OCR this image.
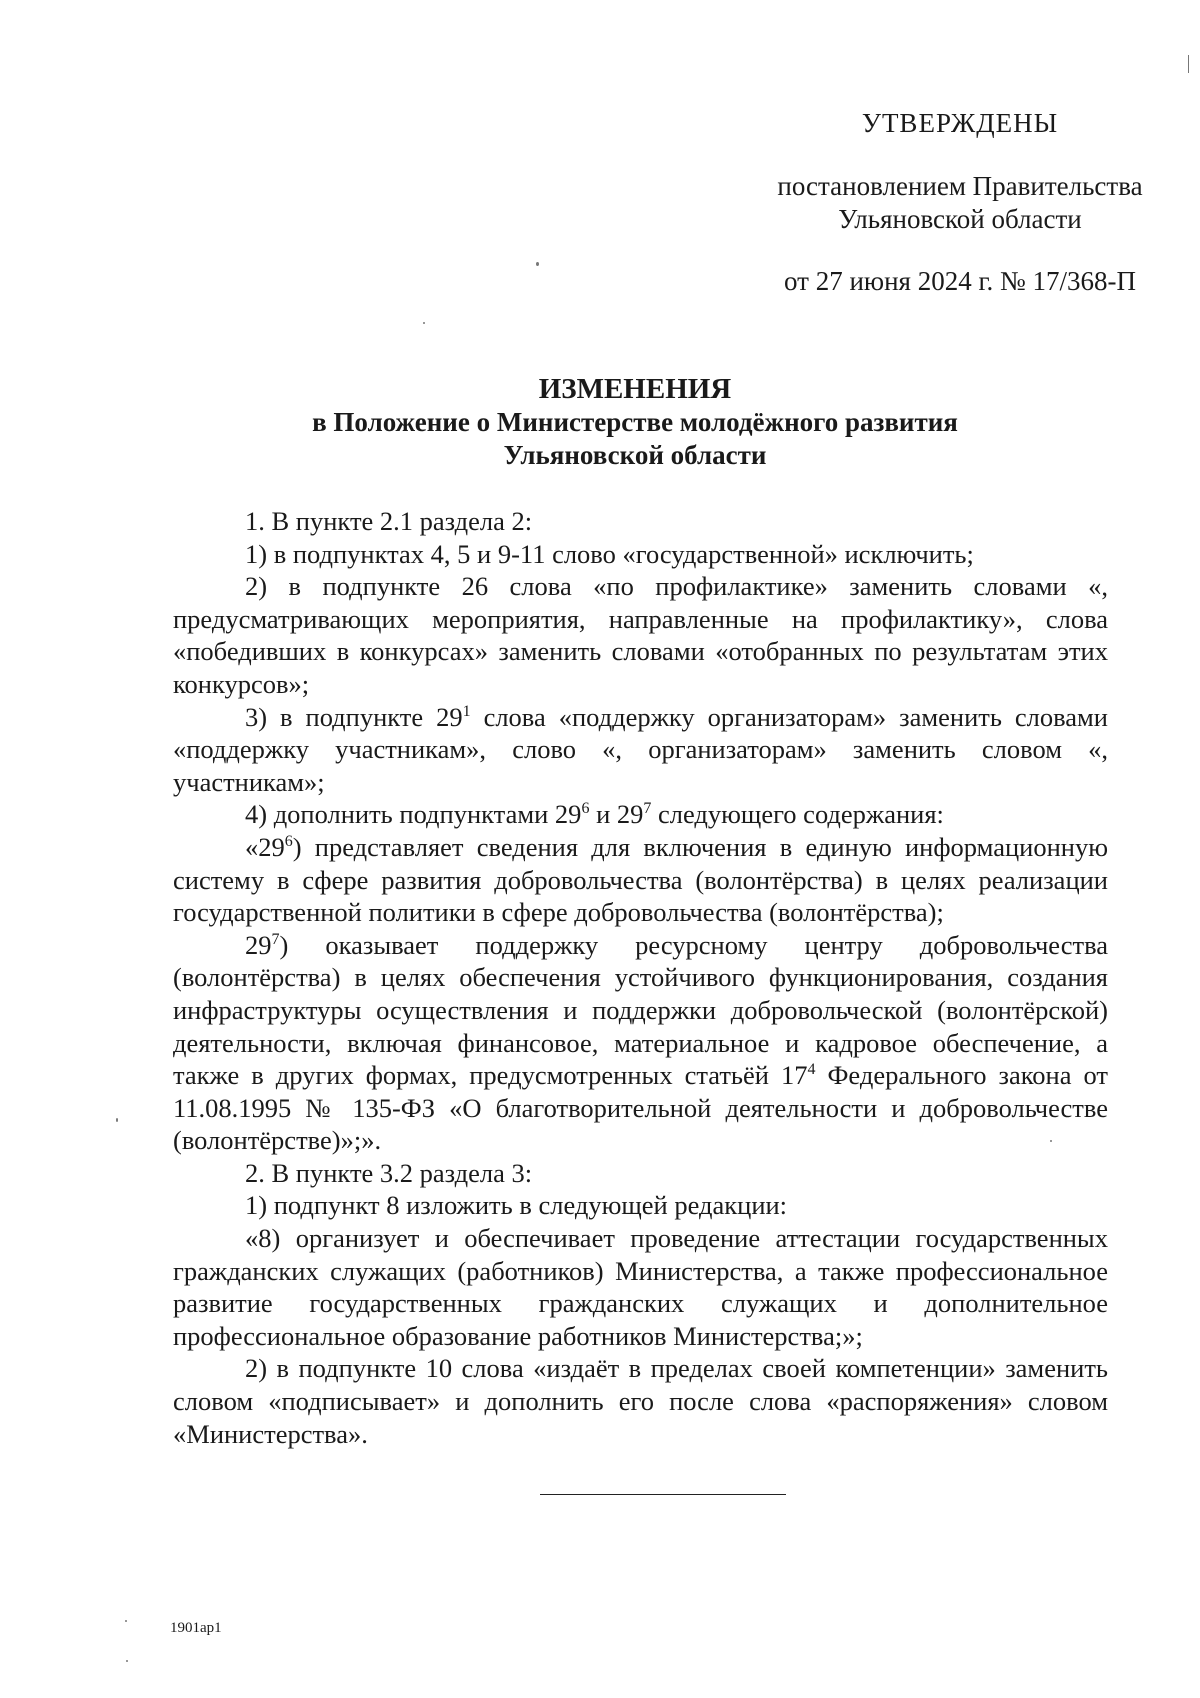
УТВЕРЖДЕНЫ
постановлением Правительства
Ульяновской области
от 27 июня 2024 г. № 17/368-П
ИЗМЕНЕНИЯ
в Положение о Министерстве молодёжного развития
Ульяновской области

1. В пункте 2.1 раздела 2:

1) в подпунктах 4, 5 и 9-11 слово «государственной» исключить;

2) в подпункте 26 слова «по профилактике» заменить словами «, предусматривающих мероприятия, направленные на профилактику», слова «победивших в конкурсах» заменить словами «отобранных по результатам этих конкурсов»;

3) в подпункте $29^1$ слова «поддержку организаторам» заменить словами «поддержку участникам», слово «, организаторам» заменить словом «, участникам»;

4) дополнить подпунктами $29^6$ и $29^7$ следующего содержания:

«$29^6$) представляет сведения для включения в единую информационную систему в сфере развития добровольчества (волонтёрства) в целях реализации государственной политики в сфере добровольчества (волонтёрства);

$29^7$) оказывает поддержку ресурсному центру добровольчества (волонтёрства) в целях обеспечения устойчивого функционирования, создания инфраструктуры осуществления и поддержки добровольческой (волонтёрской) деятельности, включая финансовое, материальное и кадровое обеспечение, а также в других формах, предусмотренных статьёй $17^4$ Федерального закона от 11.08.1995 № 135-ФЗ «О благотворительной деятельности и добровольчестве (волонтёрстве)»;».

2. В пункте 3.2 раздела 3:

1) подпункт 8 изложить в следующей редакции:

«8) организует и обеспечивает проведение аттестации государственных гражданских служащих (работников) Министерства, а также профессиональное развитие государственных гражданских служащих и дополнительное профессиональное образование работников Министерства;»;

2) в подпункте 10 слова «издаёт в пределах своей компетенции» заменить словом «подписывает» и дополнить его после слова «распоряжения» словом «Министерства».

1901ap1
